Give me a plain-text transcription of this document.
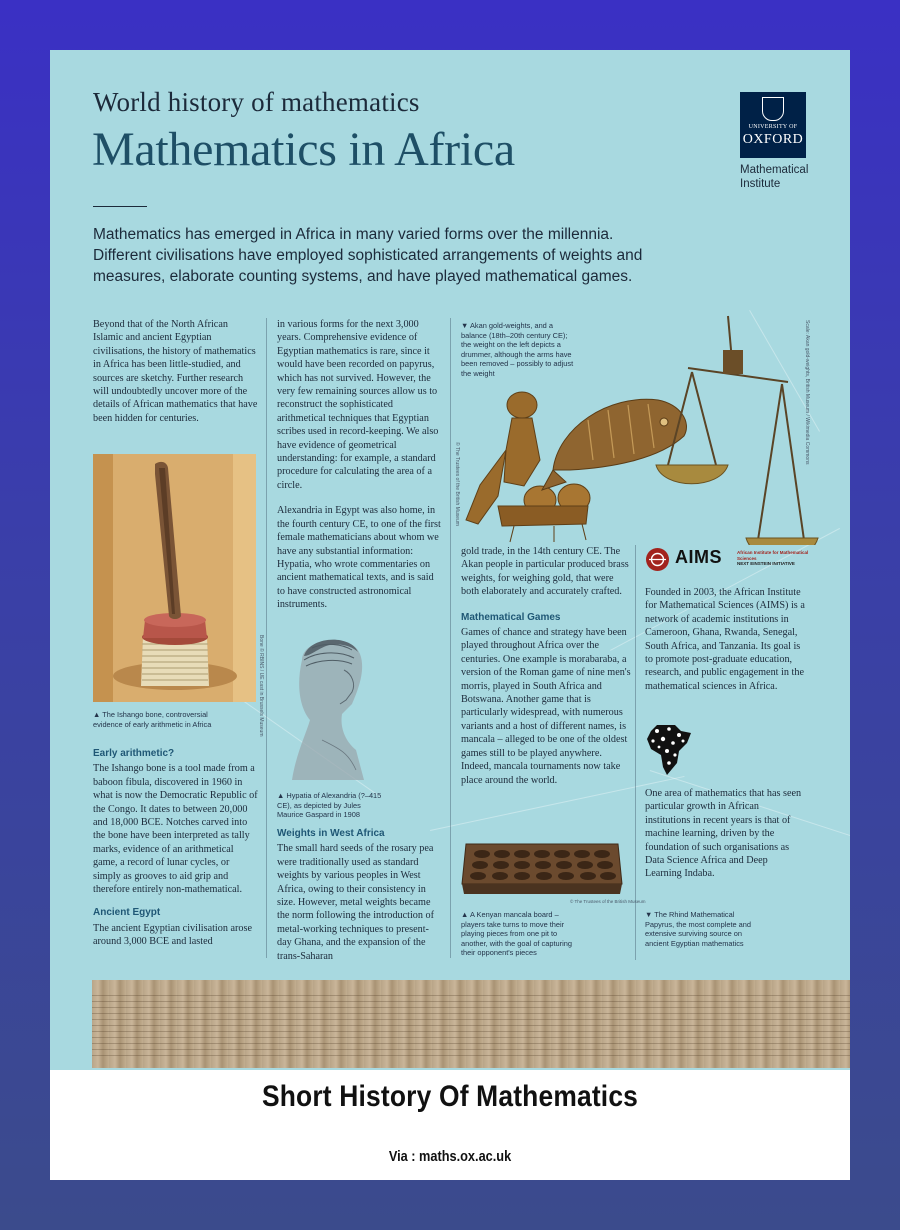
World history of mathematics
Mathematics in Africa
Mathematics has emerged in Africa in many varied forms over the millennia. Different civilisations have employed sophisticated arrangements of weights and measures, elaborate counting systems, and have played mathematical games.
UNIVERSITY OF
OXFORD
Mathematical
Institute

Beyond that of the North African Islamic and ancient Egyptian civilisations, the history of mathematics in Africa has been little-studied, and sources are sketchy. Further research will undoubtedly uncover more of the details of African mathematics that have been hidden for centuries.

Bone © RBINS / UE cast in Brussels Museum
▲ The Ishango bone, controversial evidence of early arithmetic in Africa
Early arithmetic?

The Ishango bone is a tool made from a baboon fibula, discovered in 1960 in what is now the Democratic Republic of the Congo. It dates to between 20,000 and 18,000 BCE. Notches carved into the bone have been interpreted as tally marks, evidence of an arithmetical game, a record of lunar cycles, or simply as grooves to aid grip and therefore entirely non-mathematical.

Ancient Egypt

The ancient Egyptian civilisation arose around 3,000 BCE and lasted

in various forms for the next 3,000 years. Comprehensive evidence of Egyptian mathematics is rare, since it would have been recorded on papyrus, which has not survived. However, the very few remaining sources allow us to reconstruct the sophisticated arithmetical techniques that Egyptian scribes used in record-keeping. We also have evidence of geometrical understanding: for example, a standard procedure for calculating the area of a circle.

Alexandria in Egypt was also home, in the fourth century CE, to one of the first female mathematicians about whom we have any substantial information: Hypatia, who wrote commentaries on ancient mathematical texts, and is said to have constructed astronomical instruments.

▲ Hypatia of Alexandria (?–415 CE), as depicted by Jules Maurice Gaspard in 1908
Weights in West Africa

The small hard seeds of the rosary pea were traditionally used as standard weights by various peoples in West Africa, owing to their consistency in size. However, metal weights became the norm following the introduction of metal-working techniques to present-day Ghana, and the expansion of the trans-Saharan

▼ Akan gold-weights, and a balance (18th–20th century CE); the weight on the left depicts a drummer, although the arms have been removed – possibly to adjust the weight
© The Trustees of the British Museum
Scale: Akan gold-weights, British Museum / Wikimedia Commons

gold trade, in the 14th century CE. The Akan people in particular produced brass weights, for weighing gold, that were both elaborately and accurately crafted.

Mathematical Games

Games of chance and strategy have been played throughout Africa over the centuries. One example is morabaraba, a version of the Roman game of nine men's morris, played in South Africa and Botswana. Another game that is particularly widespread, with numerous variants and a host of different names, is mancala – alleged to be one of the oldest games still to be played anywhere. Indeed, mancala tournaments now take place around the world.

© The Trustees of the British Museum
▲ A Kenyan mancala board – players take turns to move their playing pieces from one pit to another, with the goal of capturing their opponent's pieces
AIMS	African Institute for Mathematical Sciences
NEXT EINSTEIN INITIATIVE

Founded in 2003, the African Institute for Mathematical Sciences (AIMS) is a network of academic institutions in Cameroon, Ghana, Rwanda, Senegal, South Africa, and Tanzania. Its goal is to promote post-graduate education, research, and public engagement in the mathematical sciences in Africa.

One area of mathematics that has seen particular growth in African institutions in recent years is that of machine learning, driven by the foundation of such organisations as Data Science Africa and Deep Learning Indaba.

▼ The Rhind Mathematical Papyrus, the most complete and extensive surviving source on ancient Egyptian mathematics
Short History Of Mathematics
Via : maths.ox.ac.uk
